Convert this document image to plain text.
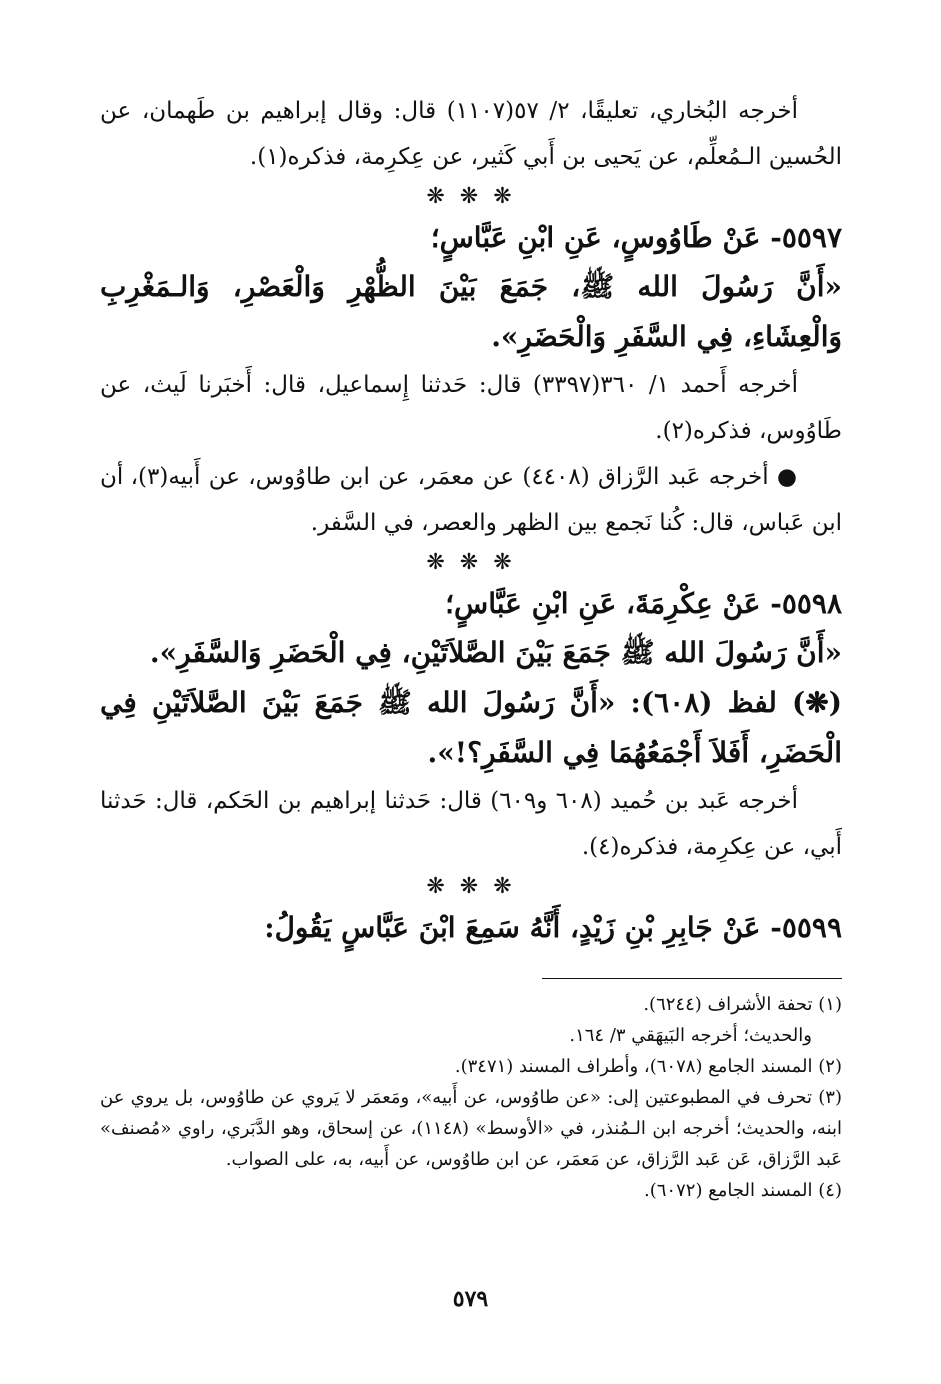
أخرجه البُخاري، تعليقًا، ٢/ ٥٧(١١٠٧) قال: وقال إبراهيم بن طَهمان، عن الحُسين الـمُعلِّم، عن يَحيى بن أَبي كَثير، عن عِكرِمة، فذكره(١).

❋ ❋ ❋

٥٥٩٧- عَنْ طَاوُوسٍ، عَنِ ابْنِ عَبَّاسٍ؛

«أَنَّ رَسُولَ الله ﷺ، جَمَعَ بَيْنَ الظُّهْرِ وَالْعَصْرِ، وَالـمَغْرِبِ وَالْعِشَاءِ، فِي السَّفَرِ وَالْحَضَرِ».

أخرجه أَحمد ١/ ٣٦٠(٣٣٩٧) قال: حَدثنا إِسماعيل، قال: أَخبَرنا لَيث، عن طَاوُوس، فذكره(٢).

● أخرجه عَبد الرَّزاق (٤٤٠٨) عن معمَر، عن ابن طاوُوس، عن أَبيه(٣)، أن ابن عَباس، قال: كُنا نَجمع بين الظهر والعصر، في السَّفر.

❋ ❋ ❋

٥٥٩٨- عَنْ عِكْرِمَةَ، عَنِ ابْنِ عَبَّاسٍ؛

«أَنَّ رَسُولَ الله ﷺ جَمَعَ بَيْنَ الصَّلاَتَيْنِ، فِي الْحَضَرِ وَالسَّفَرِ».

(❋) لفظ (٦٠٨): «أَنَّ رَسُولَ الله ﷺ جَمَعَ بَيْنَ الصَّلاَتَيْنِ فِي الْحَضَرِ، أَفَلاَ أَجْمَعُهُمَا فِي السَّفَرِ؟!».

أخرجه عَبد بن حُميد (٦٠٨ و٦٠٩) قال: حَدثنا إبراهيم بن الحَكم، قال: حَدثنا أَبي، عن عِكرِمة، فذكره(٤).

❋ ❋ ❋

٥٥٩٩- عَنْ جَابِرِ بْنِ زَيْدٍ، أَنَّهُ سَمِعَ ابْنَ عَبَّاسٍ يَقُولُ:

(١) تحفة الأشراف (٦٢٤٤).

والحديث؛ أخرجه البَيهَقي ٣/ ١٦٤.

(٢) المسند الجامع (٦٠٧٨)، وأطراف المسند (٣٤٧١).

(٣) تحرف في المطبوعتين إلى: «عن طاوُوس، عن أَبيه»، ومَعمَر لا يَروي عن طاوُوس، بل يروي عن ابنه، والحديث؛ أخرجه ابن الـمُنذر، في «الأوسط» (١١٤٨)، عن إسحاق، وهو الدَّبَري، راوي «مُصنف» عَبد الرَّزاق، عَن عَبد الرَّزاق، عن مَعمَر، عن ابن طاوُوس، عن أَبيه، به، على الصواب.

(٤) المسند الجامع (٦٠٧٢).

٥٧٩
